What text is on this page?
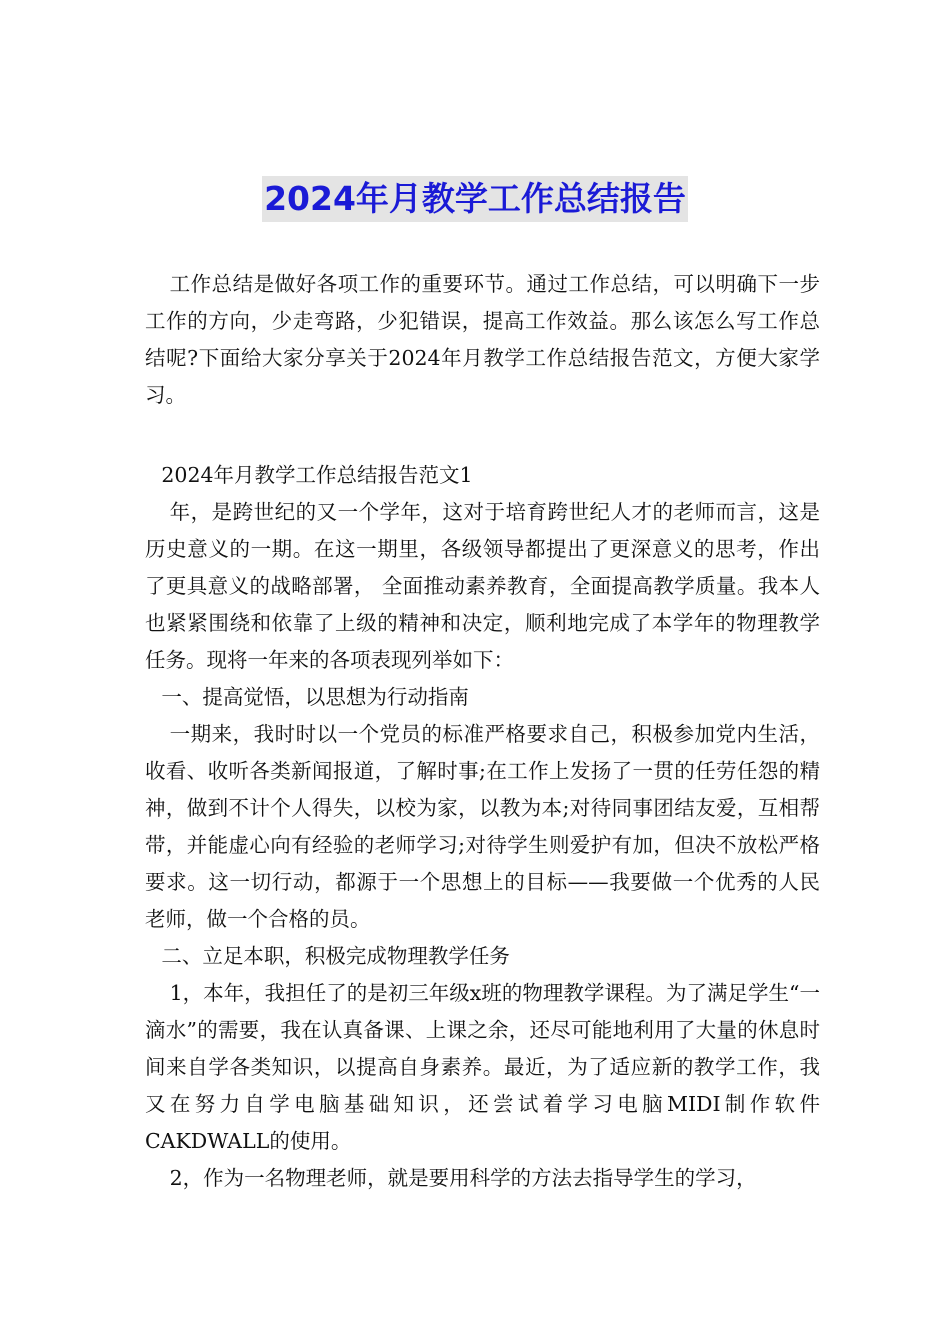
2024年月教学工作总结报告

工作总结是做好各项工作的重要环节。通过工作总结，可以明确下一步工作的方向，少走弯路，少犯错误，提高工作效益。那么该怎么写工作总结呢?下面给大家分享关于2024年月教学工作总结报告范文，方便大家学习。

2024年月教学工作总结报告范文1

年，是跨世纪的又一个学年，这对于培育跨世纪人才的老师而言，这是历史意义的一期。在这一期里，各级领导都提出了更深意义的思考，作出了更具意义的战略部署， 全面推动素养教育，全面提高教学质量。我本人也紧紧围绕和依靠了上级的精神和决定，顺利地完成了本学年的物理教学任务。现将一年来的各项表现列举如下：

一、提高觉悟，以思想为行动指南

一期来，我时时以一个党员的标准严格要求自己，积极参加党内生活，收看、收听各类新闻报道，了解时事;在工作上发扬了一贯的任劳任怨的精神，做到不计个人得失，以校为家，以教为本;对待同事团结友爱，互相帮带，并能虚心向有经验的老师学习;对待学生则爱护有加，但决不放松严格要求。这一切行动，都源于一个思想上的目标——我要做一个优秀的人民老师，做一个合格的员。

二、立足本职，积极完成物理教学任务

1，本年，我担任了的是初三年级x班的物理教学课程。为了满足学生“一滴水”的需要，我在认真备课、上课之余，还尽可能地利用了大量的休息时间来自学各类知识，以提高自身素养。最近，为了适应新的教学工作，我又在努力自学电脑基础知识，还尝试着学习电脑MIDI制作软件CAKDWALL的使用。

2，作为一名物理老师，就是要用科学的方法去指导学生的学习，
